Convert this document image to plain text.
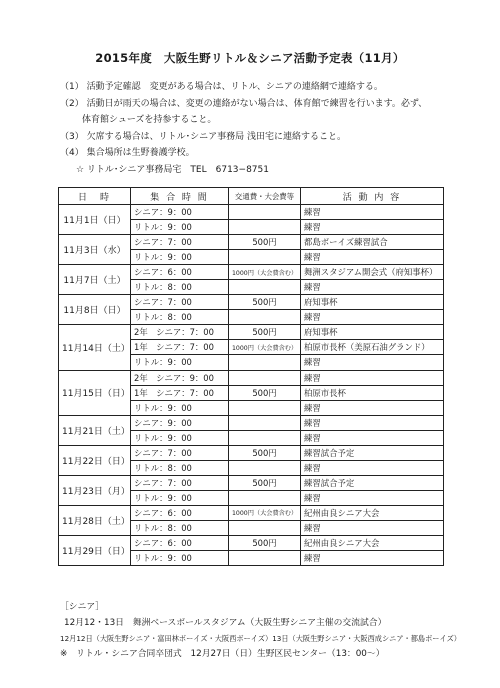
2015年度　大阪生野リトル＆シニア活動予定表（11月）
（1） 活動予定確認　変更がある場合は、リトル、シニアの連絡網で連絡する。
（2） 活動日が雨天の場合は、変更の連絡がない場合は、体育館で練習を行います。必ず、
体育館シューズを持参すること。
（3） 欠席する場合は、リトル･シニア事務局 浅田宅に連絡すること。
（4） 集合場所は生野養護学校。
☆ リトル･シニア事務局宅　TEL　6713−8751
日　時	集 合 時 間	交通費・大会費等	活 動 内 容
11月1日（日）	シニア：9：00		練習
	リトル：9：00		練習
11月3日（水）	シニア：7：00	500円	都島ボーイズ練習試合
	リトル：9：00		練習
11月7日（土）	シニア：6：00	1000円（大会費含む）	舞洲スタジアム開会式（府知事杯）
	リトル：8：00		練習
11月8日（日）	シニア：7：00	500円	府知事杯
	リトル：8：00		練習
11月14日（土）	2年　シニア：7：00	500円	府知事杯
	1年　シニア：7：00	1000円（大会費含む）	柏原市長杯（美原石油グランド）
	リトル：9：00		練習
11月15日（日）	2年　シニア：9：00		練習
	1年　シニア：7：00	500円	柏原市長杯
	リトル：9：00		練習
11月21日（土）	シニア：9：00		練習
	リトル：9：00		練習
11月22日（日）	シニア：7：00	500円	練習試合予定
	リトル：8：00		練習
11月23日（月）	シニア：7：00	500円	練習試合予定
	リトル：9：00		練習
11月28日（土）	シニア：6：00	1000円（大会費含む）	紀州由良シニア大会
	リトル：8：00		練習
11月29日（日）	シニア：6：00	500円	紀州由良シニア大会
	リトル：9：00		練習
［シニア］
12月12・13日　舞洲ベースボールスタジアム（大阪生野シニア主催の交流試合）
12月12日（大阪生野シニア・富田林ボーイズ・大阪西ボーイズ）13日（大阪生野シニア・大阪西成シニア・都島ボーイズ）
※　リトル・シニア合同卒団式　12月27日（日）生野区民センター（13：00〜）
